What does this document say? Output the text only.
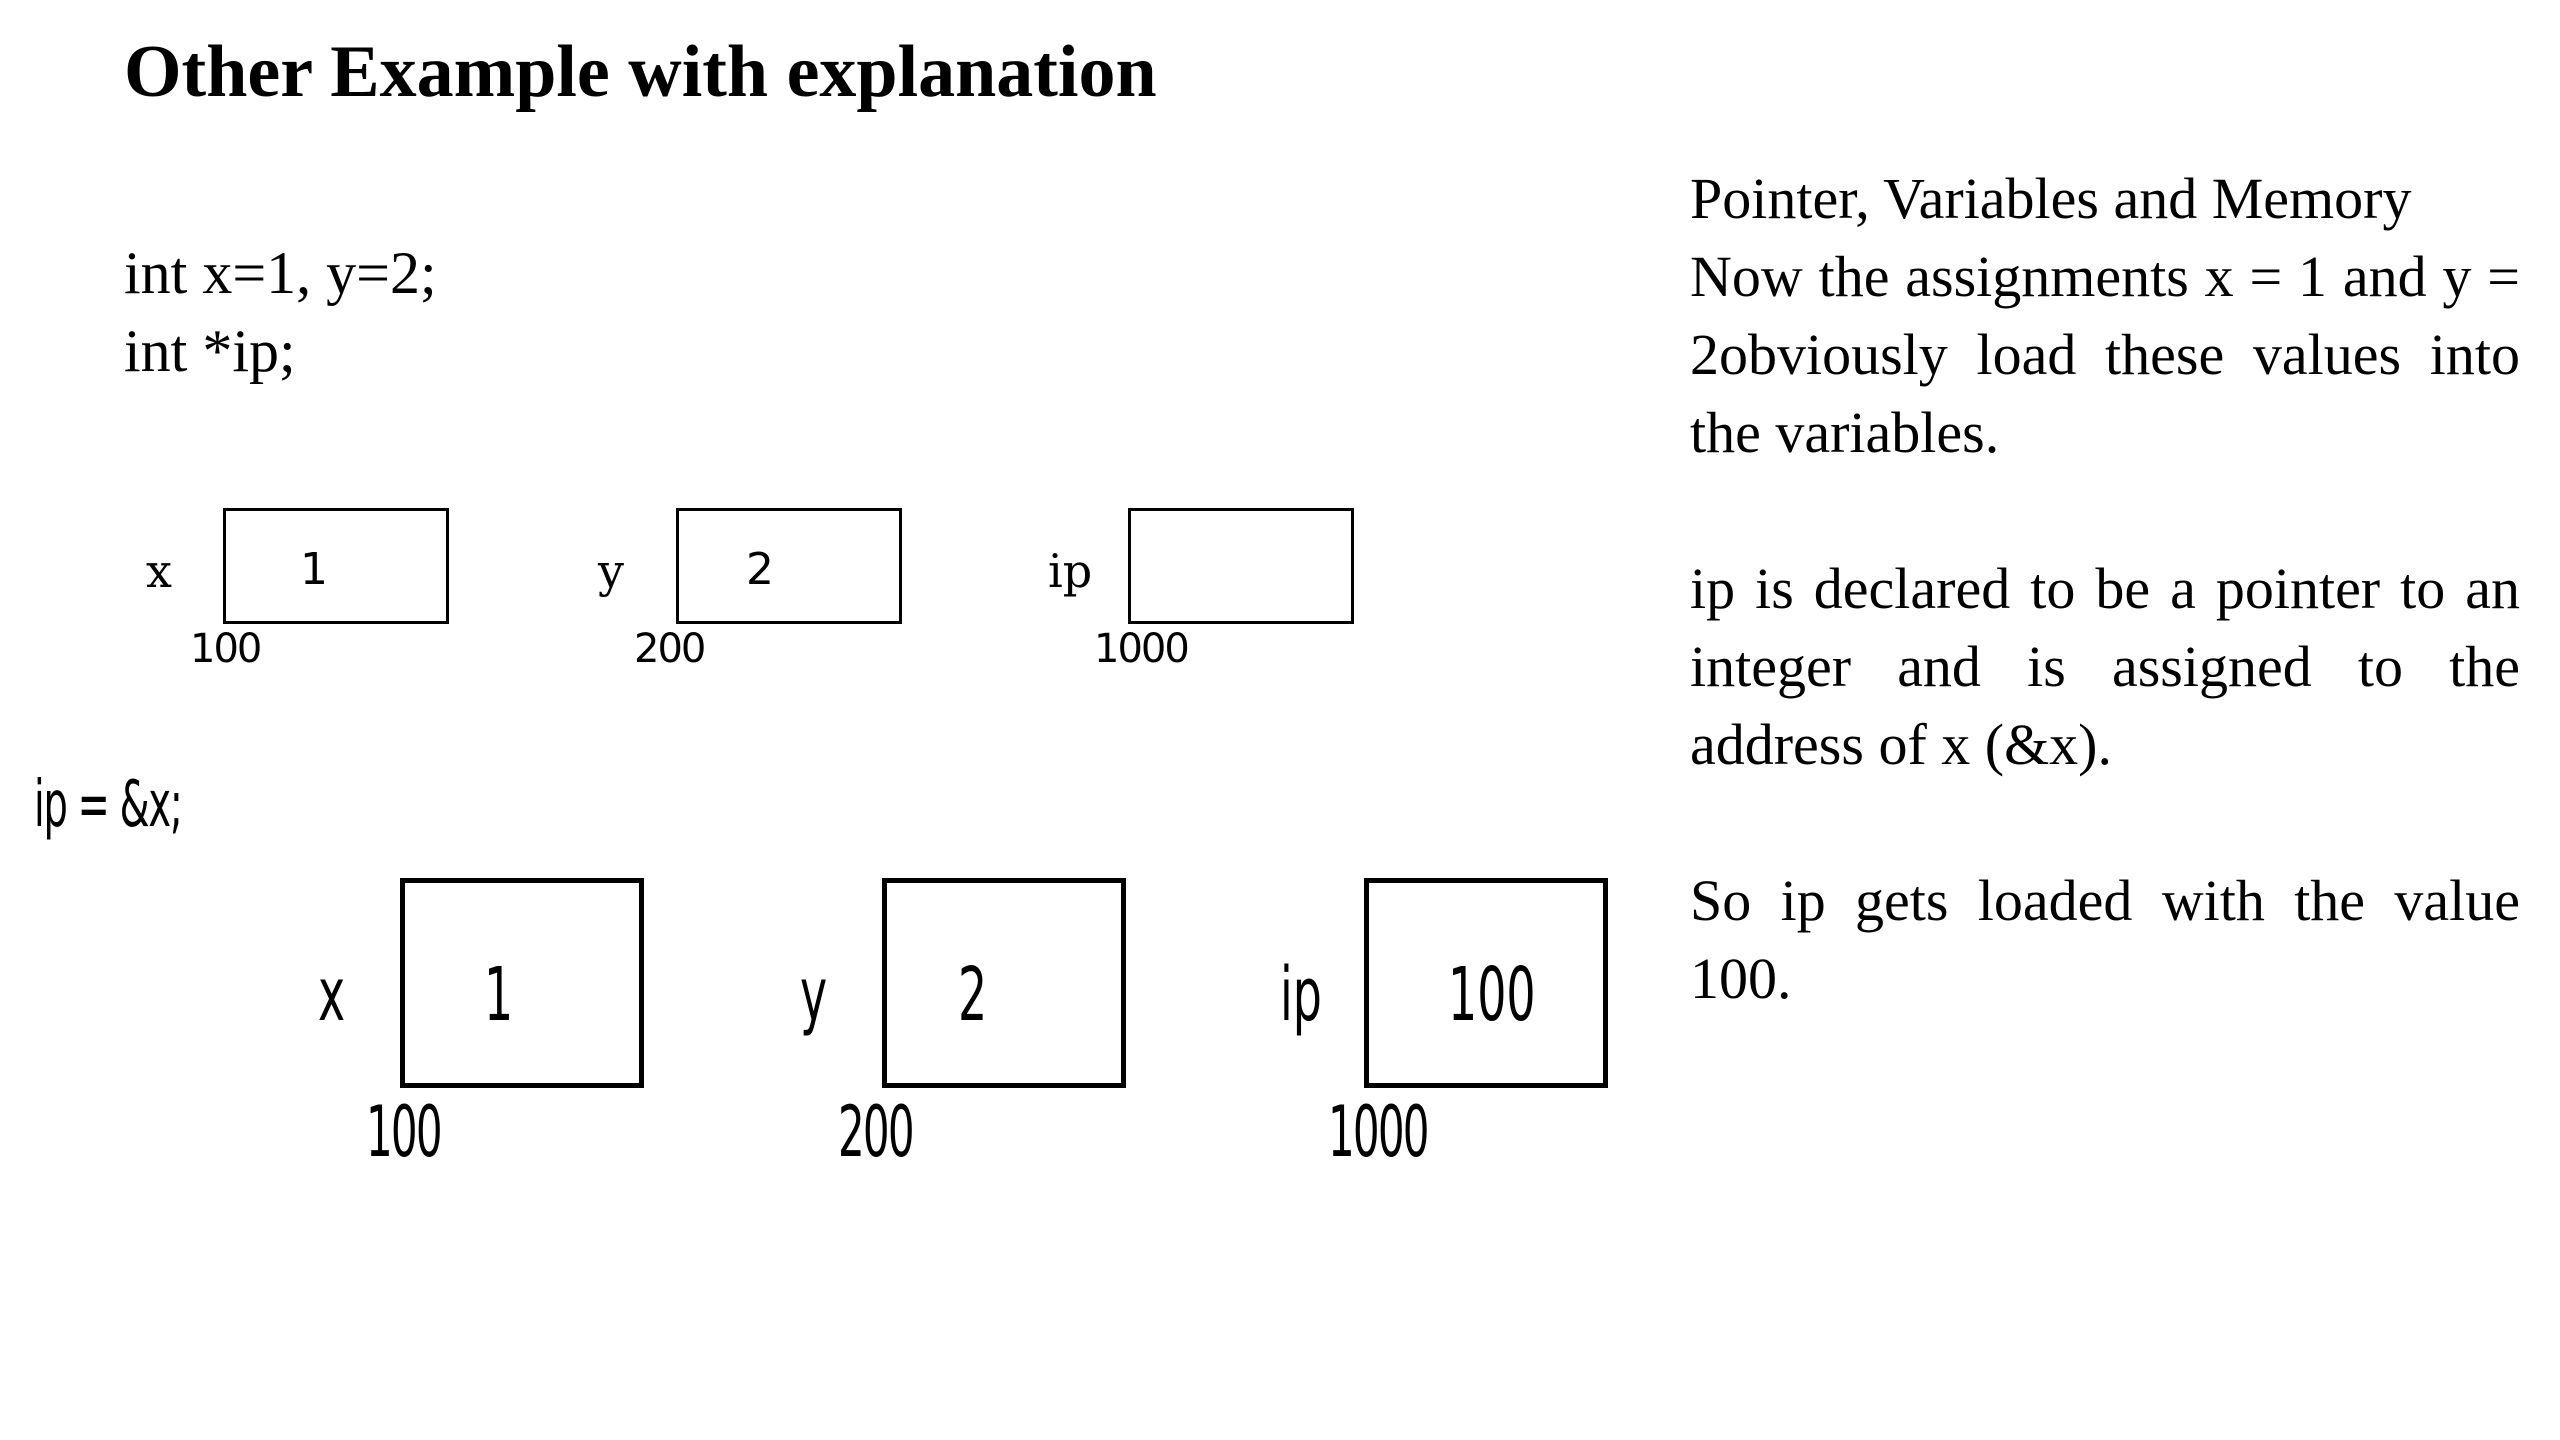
Other Example with explanation
int x=1, y=2;
int *ip;
x	1
100
y	2
200
ip
1000
ip = &x;
x 1
100
y 2
200
ip 100
1000

Pointer, Variables and Memory

Now the assignments x = 1 and y = 2obviously load these values into the variables.

ip is declared to be a pointer to an integer and is assigned to the address of x (&x).

So ip gets loaded with the value 100.
